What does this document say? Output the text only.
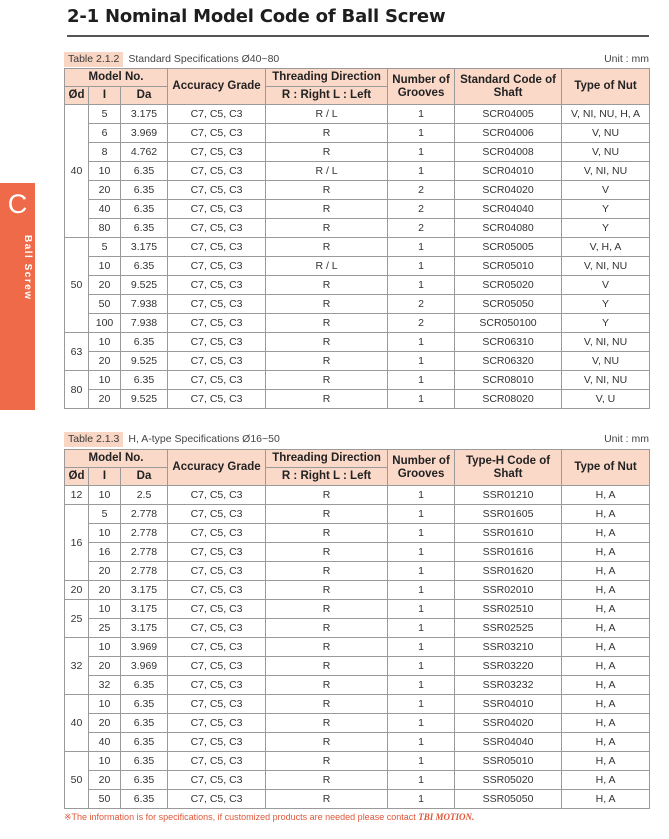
2-1 Nominal Model Code of Ball Screw
C
Ball Screw
Table 2.1.2 Standard Specifications Ø40~80	Unit : mm
Model No.			Accuracy Grade	Threading Direction	Number of Grooves	Standard Code of Shaft	Type of Nut
Ød	I	Da		R : Right L : Left			
40	5	3.175	C7, C5, C3	R / L	1	SCR04005	V, NI, NU, H, A
	6	3.969	C7, C5, C3	R	1	SCR04006	V, NU
	8	4.762	C7, C5, C3	R	1	SCR04008	V, NU
	10	6.35	C7, C5, C3	R / L	1	SCR04010	V, NI, NU
	20	6.35	C7, C5, C3	R	2	SCR04020	V
	40	6.35	C7, C5, C3	R	2	SCR04040	Y
	80	6.35	C7, C5, C3	R	2	SCR04080	Y
50	5	3.175	C7, C5, C3	R	1	SCR05005	V, H, A
	10	6.35	C7, C5, C3	R / L	1	SCR05010	V, NI, NU
	20	9.525	C7, C5, C3	R	1	SCR05020	V
	50	7.938	C7, C5, C3	R	2	SCR05050	Y
	100	7.938	C7, C5, C3	R	2	SCR050100	Y
63	10	6.35	C7, C5, C3	R	1	SCR06310	V, NI, NU
	20	9.525	C7, C5, C3	R	1	SCR06320	V, NU
80	10	6.35	C7, C5, C3	R	1	SCR08010	V, NI, NU
	20	9.525	C7, C5, C3	R	1	SCR08020	V, U
Table 2.1.3 H, A-type Specifications Ø16~50	Unit : mm
Model No.			Accuracy Grade	Threading Direction	Number of Grooves	Type-H Code of Shaft	Type of Nut
Ød	I	Da		R : Right L : Left			
12	10	2.5	C7, C5, C3	R	1	SSR01210	H, A
16	5	2.778	C7, C5, C3	R	1	SSR01605	H, A
	10	2.778	C7, C5, C3	R	1	SSR01610	H, A
	16	2.778	C7, C5, C3	R	1	SSR01616	H, A
	20	2.778	C7, C5, C3	R	1	SSR01620	H, A
20	20	3.175	C7, C5, C3	R	1	SSR02010	H, A
25	10	3.175	C7, C5, C3	R	1	SSR02510	H, A
	25	3.175	C7, C5, C3	R	1	SSR02525	H, A
32	10	3.969	C7, C5, C3	R	1	SSR03210	H, A
	20	3.969	C7, C5, C3	R	1	SSR03220	H, A
	32	6.35	C7, C5, C3	R	1	SSR03232	H, A
40	10	6.35	C7, C5, C3	R	1	SSR04010	H, A
	20	6.35	C7, C5, C3	R	1	SSR04020	H, A
	40	6.35	C7, C5, C3	R	1	SSR04040	H, A
50	10	6.35	C7, C5, C3	R	1	SSR05010	H, A
	20	6.35	C7, C5, C3	R	1	SSR05020	H, A
	50	6.35	C7, C5, C3	R	1	SSR05050	H, A
※The information is for specifications, if customized products are needed please contact TBI MOTION.
